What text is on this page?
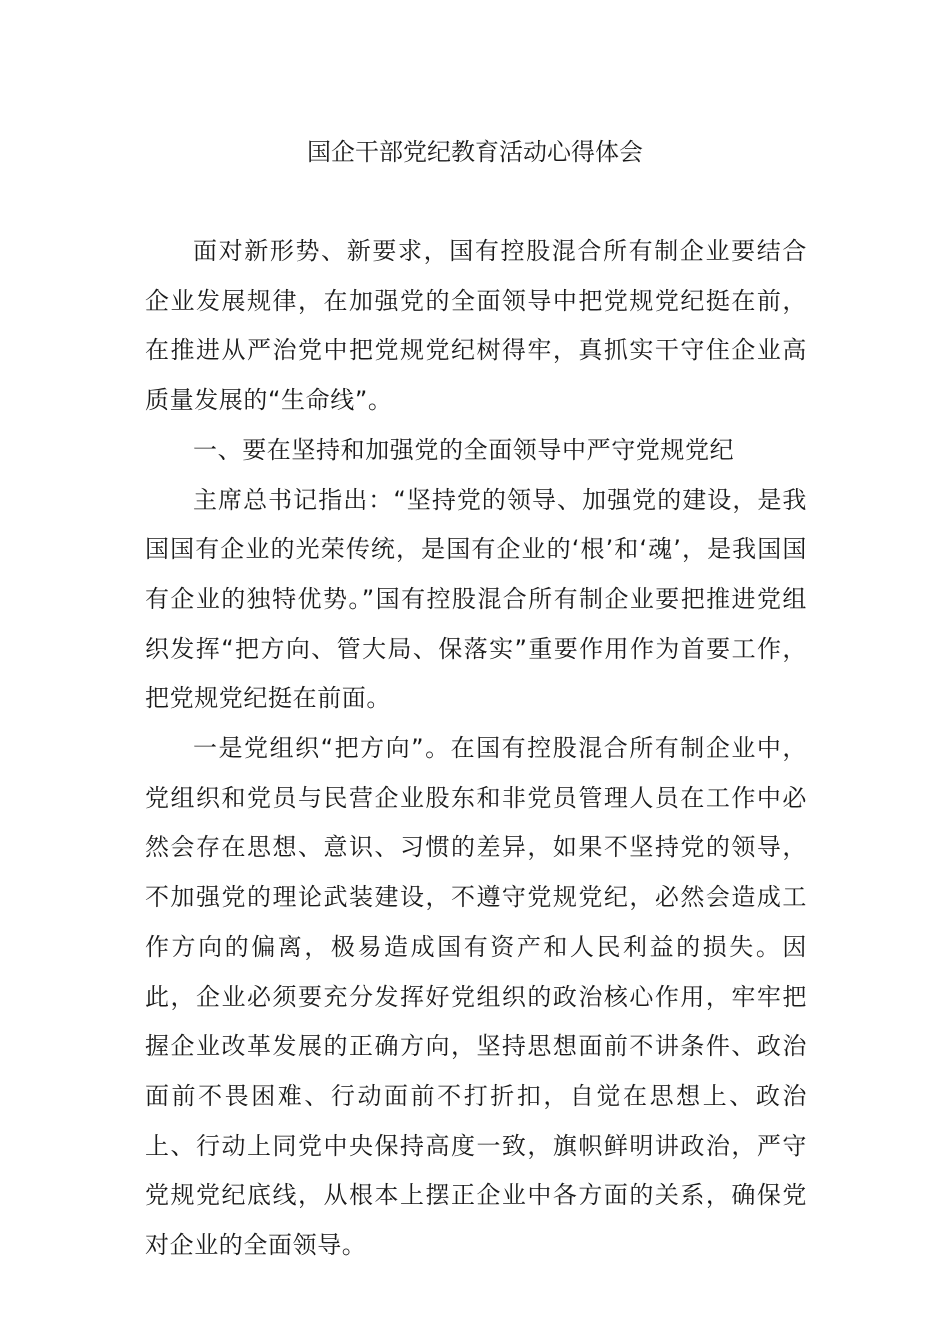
国企干部党纪教育活动心得体会

面对新形势、新要求，国有控股混合所有制企业要结合企业发展规律，在加强党的全面领导中把党规党纪挺在前，在推进从严治党中把党规党纪树得牢，真抓实干守住企业高质量发展的“生命线”。

一、要在坚持和加强党的全面领导中严守党规党纪

主席总书记指出：“坚持党的领导、加强党的建设，是我国国有企业的光荣传统，是国有企业的‘根’和‘魂’，是我国国有企业的独特优势。”国有控股混合所有制企业要把推进党组织发挥“把方向、管大局、保落实”重要作用作为首要工作，把党规党纪挺在前面。

一是党组织“把方向”。在国有控股混合所有制企业中，党组织和党员与民营企业股东和非党员管理人员在工作中必然会存在思想、意识、习惯的差异，如果不坚持党的领导，不加强党的理论武装建设，不遵守党规党纪，必然会造成工作方向的偏离，极易造成国有资产和人民利益的损失。因此，企业必须要充分发挥好党组织的政治核心作用，牢牢把握企业改革发展的正确方向，坚持思想面前不讲条件、政治面前不畏困难、行动面前不打折扣，自觉在思想上、政治上、行动上同党中央保持高度一致，旗帜鲜明讲政治，严守党规党纪底线，从根本上摆正企业中各方面的关系，确保党对企业的全面领导。
